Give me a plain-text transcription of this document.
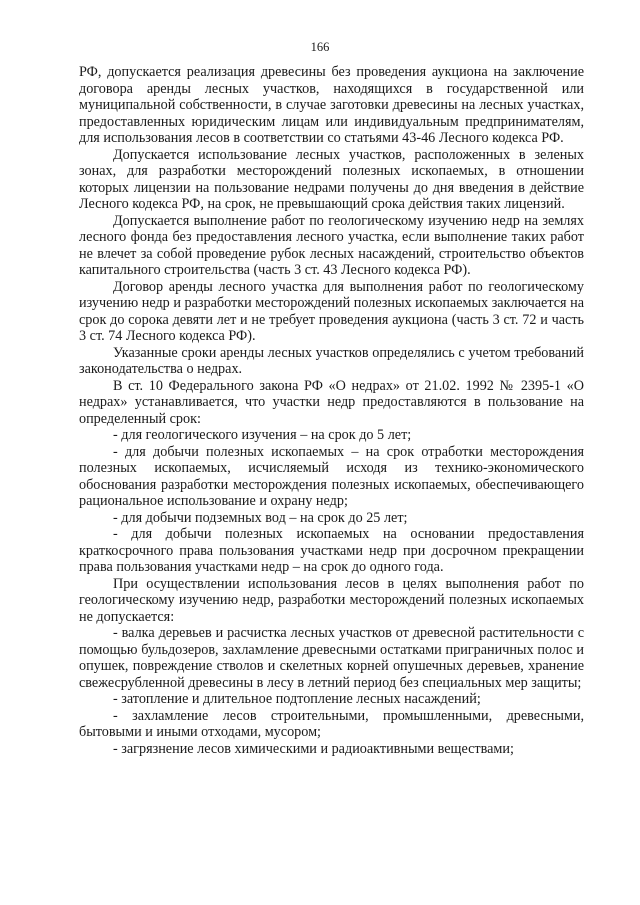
166

РФ, допускается реализация древесины без проведения аукциона на заключение договора аренды лесных участков, находящихся в государственной или муниципальной собственности, в случае заготовки древесины на лесных участках, предоставленных юридическим лицам или индивидуальным предпринимателям, для использования лесов в соответствии со статьями 43-46 Лесного кодекса РФ.

Допускается использование лесных участков, расположенных в зеленых зонах, для разработки месторождений полезных ископаемых, в отношении которых лицензии на пользование недрами получены до дня введения в действие Лесного кодекса РФ, на срок, не превышающий срока действия таких лицензий.

Допускается выполнение работ по геологическому изучению недр на землях лесного фонда без предоставления лесного участка, если выполнение таких работ не влечет за собой проведение рубок лесных насаждений, строительство объектов капитального строительства (часть 3 ст. 43 Лесного кодекса РФ).

Договор аренды лесного участка для выполнения работ по геологическому изучению недр и разработки месторождений полезных ископаемых заключается на срок до сорока девяти лет и не требует проведения аукциона (часть 3 ст. 72 и часть 3 ст. 74 Лесного кодекса РФ).

Указанные сроки аренды лесных участков определялись с учетом требований законодательства о недрах.

В ст. 10 Федерального закона РФ «О недрах» от 21.02. 1992 № 2395-1 «О недрах» устанавливается, что участки недр предоставляются в пользование на определенный срок:

- для геологического изучения – на срок до 5 лет;

- для добычи полезных ископаемых – на срок отработки месторождения полезных ископаемых, исчисляемый исходя из технико-экономического обоснования разработки месторождения полезных ископаемых, обеспечивающего рациональное использование и охрану недр;

- для добычи подземных вод – на срок до 25 лет;

- для добычи полезных ископаемых на основании предоставления краткосрочного права пользования участками недр при досрочном прекращении права пользования участками недр – на срок до одного года.

При осуществлении использования лесов в целях выполнения работ по геологическому изучению недр, разработки месторождений полезных ископаемых не допускается:

- валка деревьев и расчистка лесных участков от древесной растительности с помощью бульдозеров, захламление древесными остатками приграничных полос и опушек, повреждение стволов и скелетных корней опушечных деревьев, хранение свежесрубленной древесины в лесу в летний период без специальных мер защиты;

- затопление и длительное подтопление лесных насаждений;

- захламление лесов строительными, промышленными, древесными, бытовыми и иными отходами, мусором;

- загрязнение лесов химическими и радиоактивными веществами;
